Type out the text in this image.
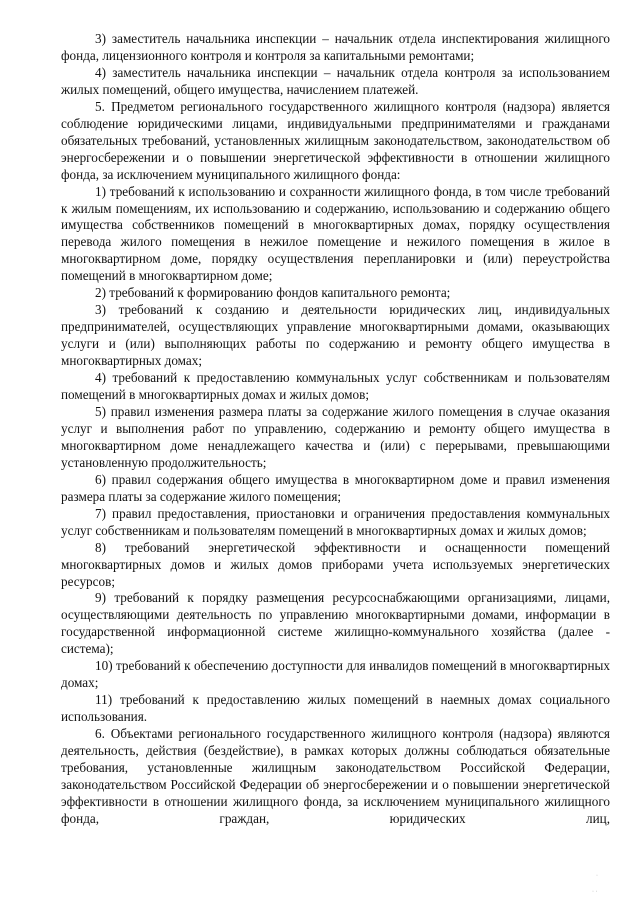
3) заместитель начальника инспекции – начальник отдела инспектирования жилищного фонда, лицензионного контроля и контроля за капитальными ремонтами;

4) заместитель начальника инспекции – начальник отдела контроля за использованием жилых помещений, общего имущества, начислением платежей.

5. Предметом регионального государственного жилищного контроля (надзора) является соблюдение юридическими лицами, индивидуальными предпринимателями и гражданами обязательных требований, установленных жилищным законодательством, законодательством об энергосбережении и о повышении энергетической эффективности в отношении жилищного фонда, за исключением муниципального жилищного фонда:

1) требований к использованию и сохранности жилищного фонда, в том числе требований к жилым помещениям, их использованию и содержанию, использованию и содержанию общего имущества собственников помещений в многоквартирных домах, порядку осуществления перевода жилого помещения в нежилое помещение и нежилого помещения в жилое в многоквартирном доме, порядку осуществления перепланировки и (или) переустройства помещений в многоквартирном доме;

2) требований к формированию фондов капитального ремонта;

3) требований к созданию и деятельности юридических лиц, индивидуальных предпринимателей, осуществляющих управление многоквартирными домами, оказывающих услуги и (или) выполняющих работы по содержанию и ремонту общего имущества в многоквартирных домах;

4) требований к предоставлению коммунальных услуг собственникам и пользователям помещений в многоквартирных домах и жилых домов;

5) правил изменения размера платы за содержание жилого помещения в случае оказания услуг и выполнения работ по управлению, содержанию и ремонту общего имущества в многоквартирном доме ненадлежащего качества и (или) с перерывами, превышающими установленную продолжительность;

6) правил содержания общего имущества в многоквартирном доме и правил изменения размера платы за содержание жилого помещения;

7) правил предоставления, приостановки и ограничения предоставления коммунальных услуг собственникам и пользователям помещений в многоквартирных домах и жилых домов;

8) требований энергетической эффективности и оснащенности помещений многоквартирных домов и жилых домов приборами учета используемых энергетических ресурсов;

9) требований к порядку размещения ресурсоснабжающими организациями, лицами, осуществляющими деятельность по управлению многоквартирными домами, информации в государственной информационной системе жилищно-коммунального хозяйства (далее - система);

10) требований к обеспечению доступности для инвалидов помещений в многоквартирных домах;

11) требований к предоставлению жилых помещений в наемных домах социального использования.

6. Объектами регионального государственного жилищного контроля (надзора) являются деятельность, действия (бездействие), в рамках которых должны соблюдаться обязательные требования, установленные жилищным законодательством Российской Федерации, законодательством Российской Федерации об энергосбережении и о повышении энергетической эффективности в отношении жилищного фонда, за исключением муниципального жилищного фонда, граждан, юридических лиц,

·
· ·
